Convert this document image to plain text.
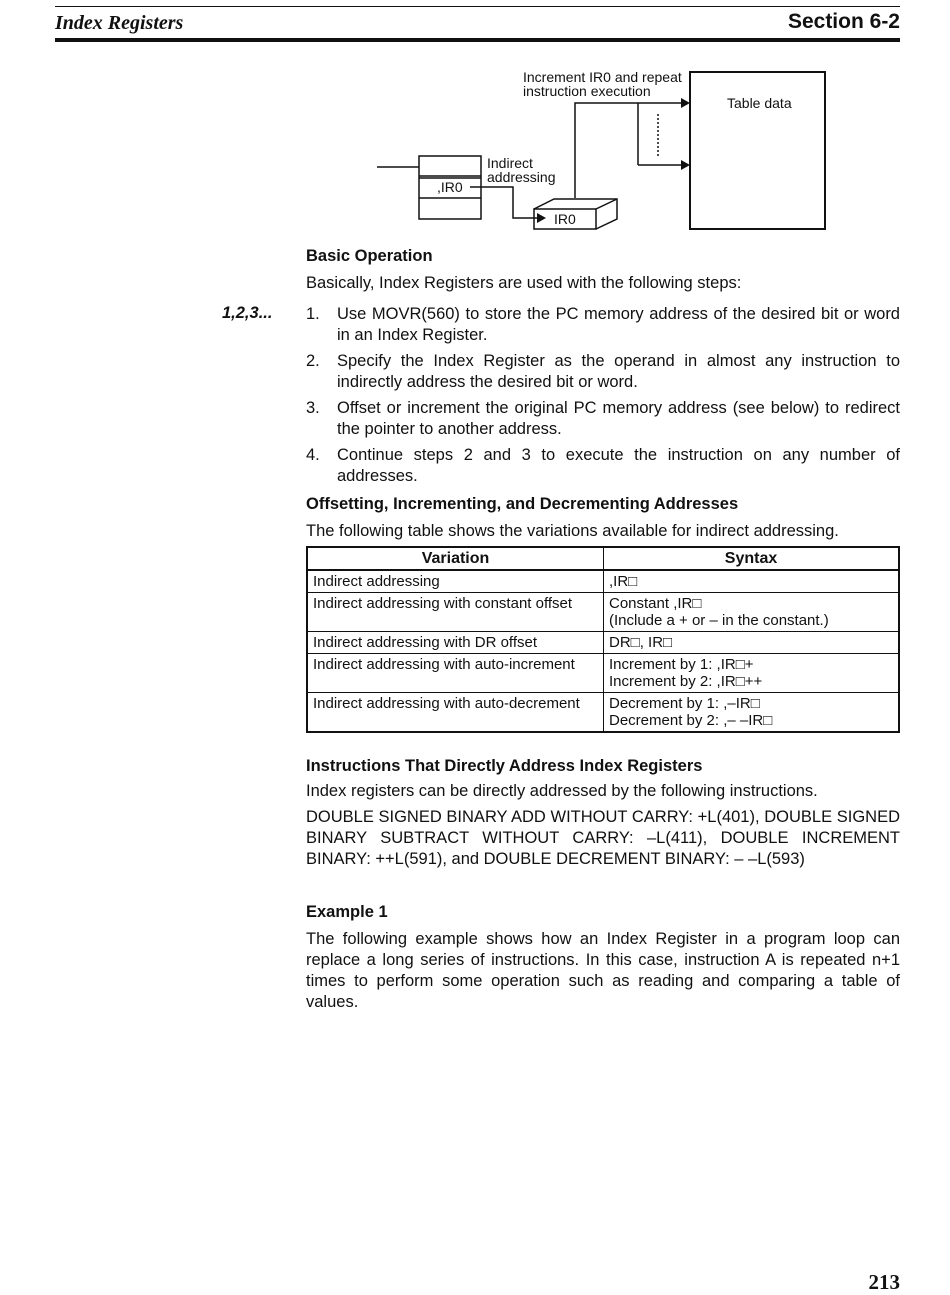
Index Registers	Section 6-2
Table data
Increment IR0 and repeat
instruction execution
,IR0
Indirect
addressing
IR0
Basic Operation
Basically, Index Registers are used with the following steps:
1,2,3... 1.	Use MOVR(560) to store the PC memory address of the desired bit or word in an Index Register.
2.	Specify the Index Register as the operand in almost any instruction to indirectly address the desired bit or word.
3.	Offset or increment the original PC memory address (see below) to redirect the pointer to another address.
4.	Continue steps 2 and 3 to execute the instruction on any number of addresses.
Offsetting, Incrementing, and Decrementing Addresses
The following table shows the variations available for indirect addressing.
Variation	Syntax
Indirect addressing	,IR□

Indirect addressing with constant offset	Constant ,IR□
(Include a + or – in the constant.)

Indirect addressing with DR offset	DR□, IR□

Indirect addressing with auto-increment	Increment by 1: ,IR□+
Increment by 2: ,IR□++

Indirect addressing with auto-decrement	Decrement by 1: ,–IR□
Decrement by 2: ,– –IR□
Instructions That Directly Address Index Registers
Index registers can be directly addressed by the following instructions.
DOUBLE SIGNED BINARY ADD WITHOUT CARRY: +L(401), DOUBLE SIGNED BINARY SUBTRACT WITHOUT CARRY: –L(411), DOUBLE INCREMENT BINARY: ++L(591), and DOUBLE DECREMENT BINARY: – –L(593)
Example 1
The following example shows how an Index Register in a program loop can replace a long series of instructions. In this case, instruction A is repeated n+1 times to perform some operation such as reading and comparing a table of values.
213
